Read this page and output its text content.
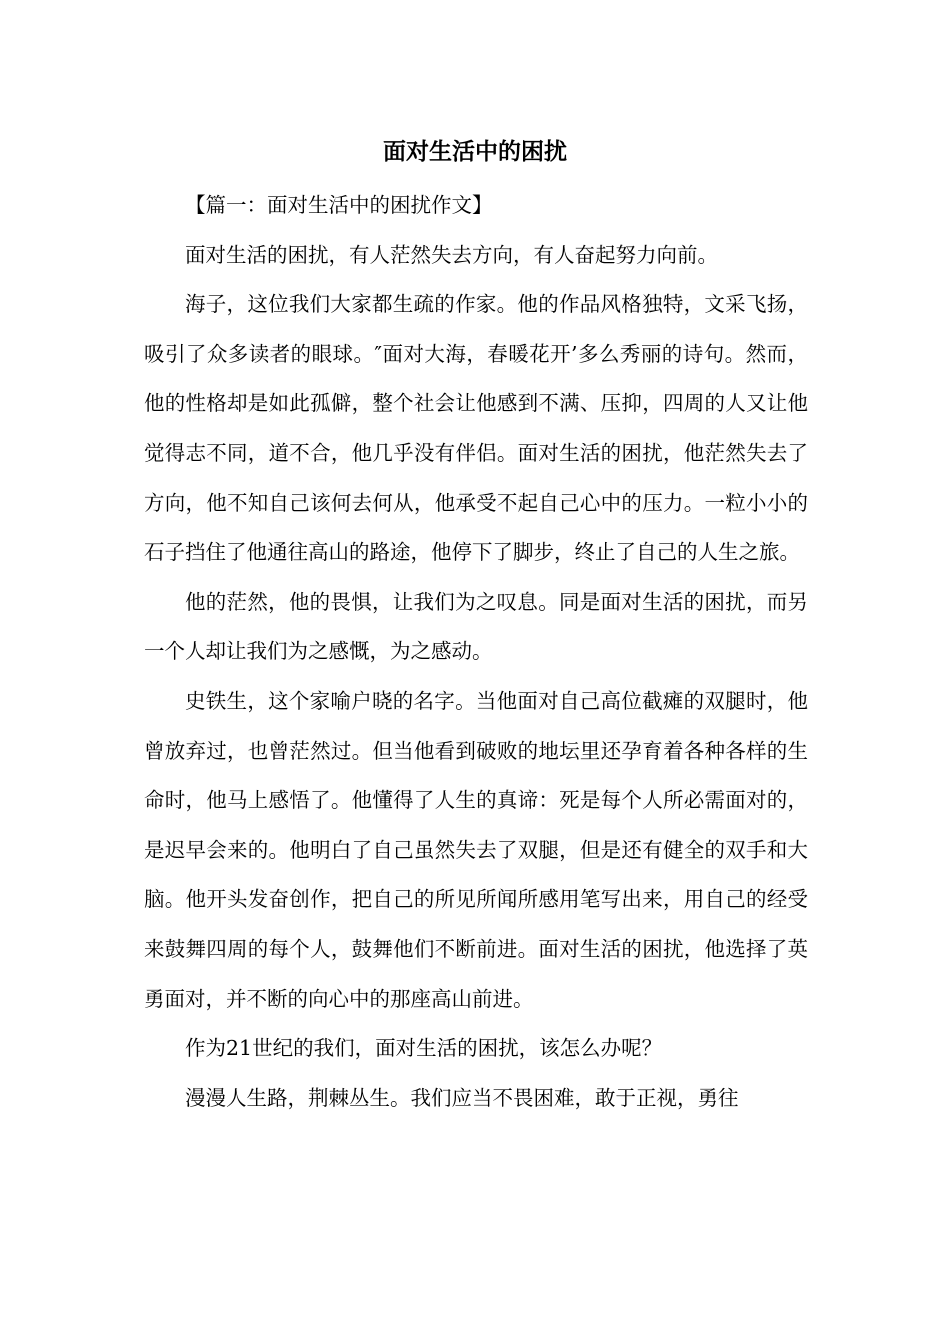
面对生活中的困扰

【篇一：面对生活中的困扰作文】

面对生活的困扰，有人茫然失去方向，有人奋起努力向前。

海子，这位我们大家都生疏的作家。他的作品风格独特，文采飞扬，吸引了众多读者的眼球。″面对大海，春暖花开’多么秀丽的诗句。然而，他的性格却是如此孤僻，整个社会让他感到不满、压抑，四周的人又让他觉得志不同，道不合，他几乎没有伴侣。面对生活的困扰，他茫然失去了方向，他不知自己该何去何从，他承受不起自己心中的压力。一粒小小的石子挡住了他通往高山的路途，他停下了脚步，终止了自己的人生之旅。

他的茫然，他的畏惧，让我们为之叹息。同是面对生活的困扰，而另一个人却让我们为之感慨，为之感动。

史铁生，这个家喻户晓的名字。当他面对自己高位截瘫的双腿时，他曾放弃过，也曾茫然过。但当他看到破败的地坛里还孕育着各种各样的生命时，他马上感悟了。他懂得了人生的真谛：死是每个人所必需面对的，是迟早会来的。他明白了自己虽然失去了双腿，但是还有健全的双手和大脑。他开头发奋创作，把自己的所见所闻所感用笔写出来，用自己的经受来鼓舞四周的每个人，鼓舞他们不断前进。面对生活的困扰，他选择了英勇面对，并不断的向心中的那座高山前进。

作为21世纪的我们，面对生活的困扰，该怎么办呢？

漫漫人生路，荆棘丛生。我们应当不畏困难，敢于正视，勇往
